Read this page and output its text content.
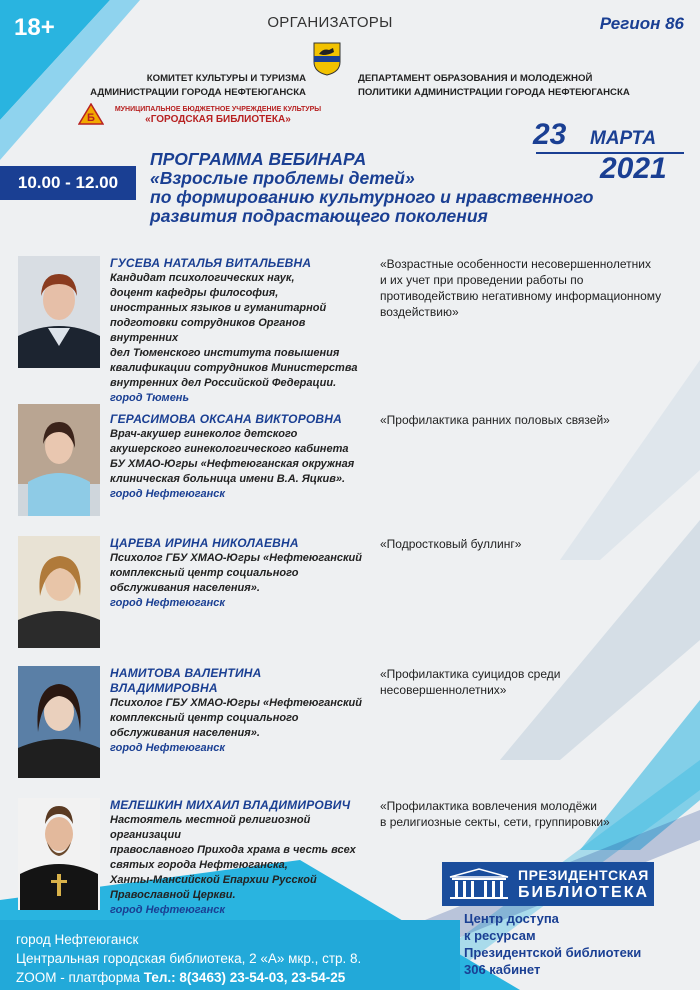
18+	ОРГАНИЗАТОРЫ	Регион 86
КОМИТЕТ КУЛЬТУРЫ И ТУРИЗМА
АДМИНИСТРАЦИИ ГОРОДА НЕФТЕЮГАНСКА
ДЕПАРТАМЕНТ ОБРАЗОВАНИЯ И МОЛОДЕЖНОЙ
ПОЛИТИКИ АДМИНИСТРАЦИИ ГОРОДА НЕФТЕЮГАНСКА
Б
МУНИЦИПАЛЬНОЕ БЮДЖЕТНОЕ УЧРЕЖДЕНИЕ КУЛЬТУРЫ
«ГОРОДСКАЯ БИБЛИОТЕКА»	23 МАРТА
2021
10.00 - 12.00
ПРОГРАММА ВЕБИНАРА
«Взрослые проблемы детей»
по формированию культурного и нравственного
развития подрастающего поколения
ГУСЕВА НАТАЛЬЯ ВИТАЛЬЕВНА
Кандидат психологических наук,
доцент кафедры философия,
иностранных языков и гуманитарной
подготовки сотрудников Органов внутренних
дел Тюменского института повышения
квалификации сотрудников Министерства
внутренних дел Российской Федерации.
город Тюмень
«Возрастные особенности несовершеннолетних
и их учет при проведении работы по
противодействию негативному информационному
воздействию»
ГЕРАСИМОВА ОКСАНА ВИКТОРОВНА
Врач-акушер гинеколог детского
акушерского гинекологического кабинета
БУ ХМАО-Югры «Нефтеюганская окружная
клиническая больница имени В.А. Яцкив».
город Нефтеюганск
«Профилактика ранних половых связей»
ЦАРЕВА ИРИНА НИКОЛАЕВНА
Психолог ГБУ ХМАО-Югры «Нефтеюганский
комплексный центр социального
обслуживания населения».
город Нефтеюганск
«Подростковый буллинг»
НАМИТОВА ВАЛЕНТИНА ВЛАДИМИРОВНА
Психолог ГБУ ХМАО-Югры «Нефтеюганский
комплексный центр социального
обслуживания населения».
город Нефтеюганск
«Профилактика суицидов среди
несовершеннолетних»
МЕЛЕШКИН МИХАИЛ ВЛАДИМИРОВИЧ
Настоятель местной религиозной организации
православного Прихода храма в честь всех
святых города Нефтеюганска,
Ханты-Мансийской Епархии Русской
Православной Церкви.
город Нефтеюганск
«Профилактика вовлечения молодёжи
в религиозные секты, сети, группировки»
ПРЕЗИДЕНТСКАЯ
БИБЛИОТЕКА
Центр доступа
к ресурсам
Президентской библиотеки
306 кабинет
город Нефтеюганск
Центральная городская библиотека, 2 «А» мкр., стр. 8.
ZOOM - платформа Тел.: 8(3463) 23-54-03, 23-54-25
